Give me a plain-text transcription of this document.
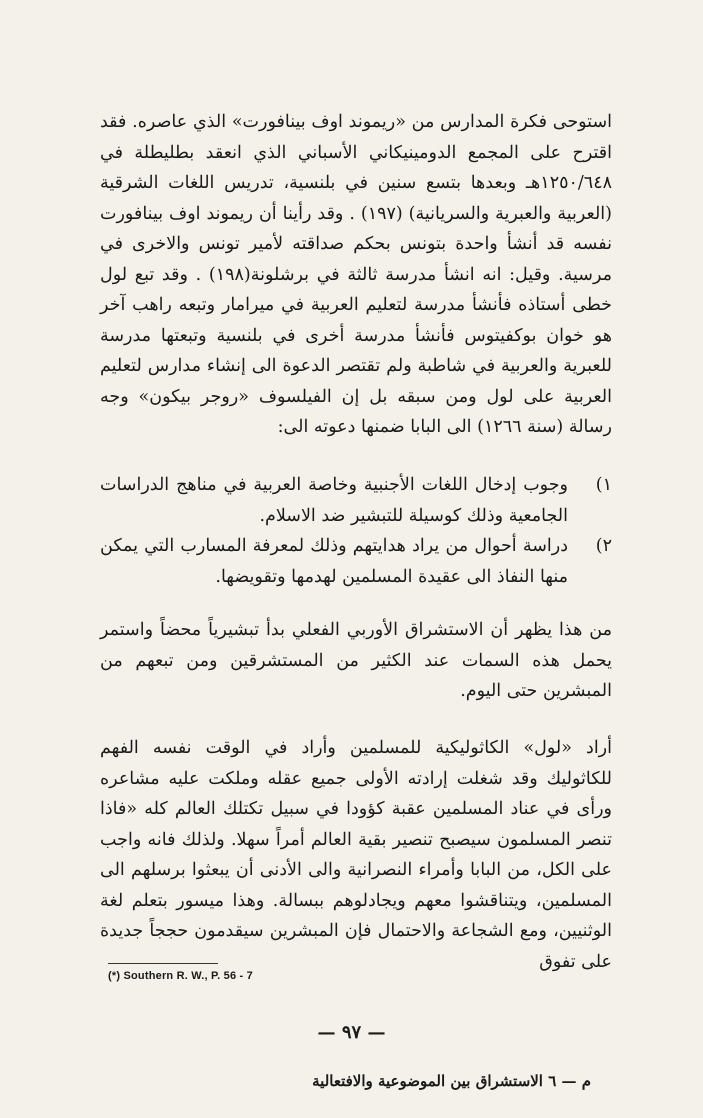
استوحى فكرة المدارس من «ريموند اوف بينافورت» الذي عاصره. فقد اقترح على المجمع الدومينيكاني الأسباني الذي انعقد بطليطلة في ١٢٥٠/٦٤٨هـ وبعدها بتسع سنين في بلنسية، تدريس اللغات الشرقية (العربية والعبرية والسريانية) (١٩٧) . وقد رأينا أن ريموند اوف بينافورت نفسه قد أنشأ واحدة بتونس بحكم صداقته لأمير تونس والاخرى في مرسية. وقيل: انه انشأ مدرسة ثالثة في برشلونة(١٩٨) . وقد تبع لول خطى أستاذه فأنشأ مدرسة لتعليم العربية في ميرامار وتبعه راهب آخر هو خوان بوكفيتوس فأنشأ مدرسة أخرى في بلنسية وتبعتها مدرسة للعبرية والعربية في شاطبة ولم تقتصر الدعوة الى إنشاء مدارس لتعليم العربية على لول ومن سبقه بل إن الفيلسوف «روجر بيكون» وجه رسالة (سنة ١٢٦٦) الى البابا ضمنها دعوته الى:

١)
وجوب إدخال اللغات الأجنبية وخاصة العربية في مناهج الدراسات الجامعية وذلك كوسيلة للتبشير ضد الاسلام.
٢)
دراسة أحوال من يراد هدايتهم وذلك لمعرفة المسارب التي يمكن منها النفاذ الى عقيدة المسلمين لهدمها وتقويضها.

من هذا يظهر أن الاستشراق الأوربي الفعلي بدأ تبشيرياً محضاً واستمر يحمل هذه السمات عند الكثير من المستشرقين ومن تبعهم من المبشرين حتى اليوم.

أراد «لول» الكاثوليكية للمسلمين وأراد في الوقت نفسه الفهم للكاثوليك وقد شغلت إرادته الأولى جميع عقله وملكت عليه مشاعره ورأى في عناد المسلمين عقبة كؤودا في سبيل تكتلك العالم كله «فاذا تنصر المسلمون سيصبح تنصير بقية العالم أمراً سهلا. ولذلك فانه واجب على الكل، من البابا وأمراء النصرانية والى الأدنى أن يبعثوا برسلهم الى المسلمين، ويتناقشوا معهم ويجادلوهم ببسالة. وهذا ميسور بتعلم لغة الوثنيين، ومع الشجاعة والاحتمال فإن المبشرين سيقدمون حججاً جديدة على تفوق

(*) Southern R. W., P. 56 - 7
— ٩٧ —
م — ٦ الاستشراق بين الموضوعية والافتعالية
